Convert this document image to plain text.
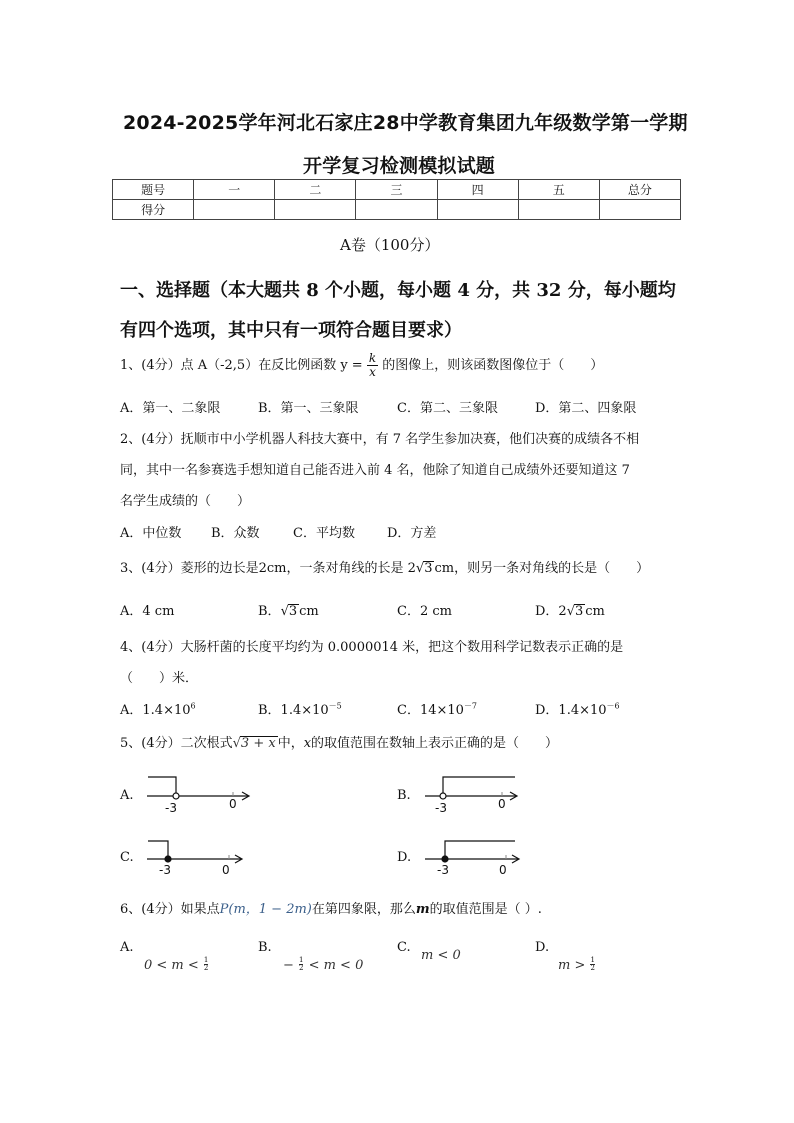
2024-2025学年河北石家庄28中学教育集团九年级数学第一学期
开学复习检测模拟试题
题号	一	二	三	四	五	总分
得分						
A卷（100分）
一、选择题（本大题共 8 个小题，每小题 4 分，共 32 分，每小题均
有四个选项，其中只有一项符合题目要求）
1、(4分）点 A（-2,5）在反比例函数 $y = \frac{k}{x}$ 的图像上，则该函数图像位于（　　）
A．第一、二象限	B．第一、三象限	C．第二、三象限	D．第二、四象限
2、(4分）抚顺市中小学机器人科技大赛中，有 7 名学生参加决赛，他们决赛的成绩各不相
同，其中一名参赛选手想知道自己能否进入前 4 名，他除了知道自己成绩外还要知道这 7
名学生成绩的（　　）
A．中位数 B．众数	C．平均数 D．方差
3、(4分）菱形的边长是2cm，一条对角线的长是 2√3 cm，则另一条对角线的长是（　　）
A．4 cm	B．√3 cm	C．2 cm	D．2√3 cm
4、(4分）大肠杆菌的长度平均约为 0.0000014 米，把这个数用科学记数表示正确的是
（　　）米．
A．$1.4\times 10^6$	B．$1.4\times 10^{-5}$	C．$14\times 10^{-7}$	D．$1.4\times 10^{-6}$
5、(4分）二次根式√3 + x 中，x的取值范围在数轴上表示正确的是（　　）
A.
-3	0
B.
-3	0
C.
-3	0
D.
-3	0
6、(4分）如果点P(m，1 − 2m)在第四象限，那么m的取值范围是（ ）.
A.
$0 < m < \frac{1}{2}$
B.
− $\frac{1}{2} < m < 0$
C.
m < 0
D.
$m > \frac{1}{2}$
